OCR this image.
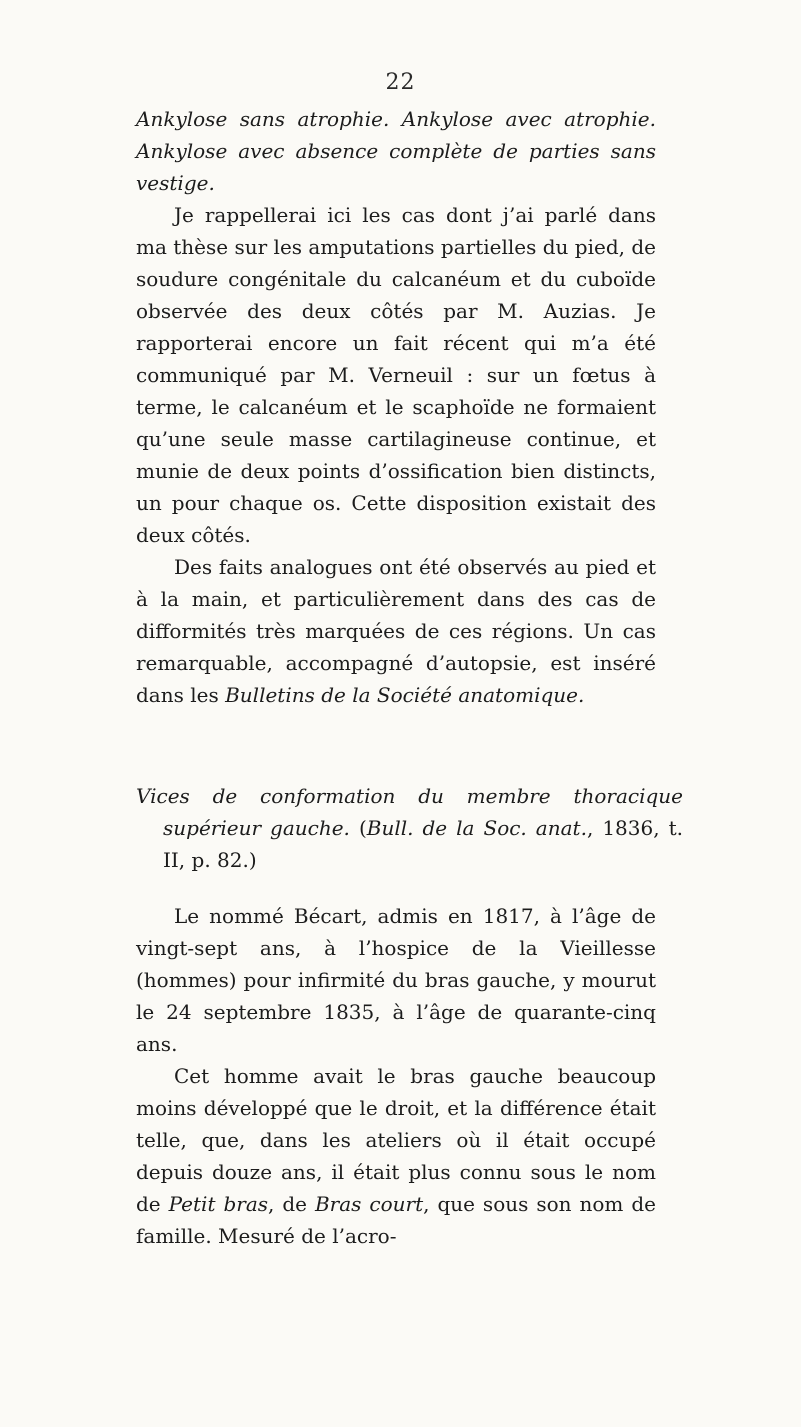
22

Ankylose sans atrophie. Ankylose avec atrophie. Ankylose avec absence complète de parties sans vestige.

Je rappellerai ici les cas dont j’ai parlé dans ma thèse sur les amputations partielles du pied, de soudure congénitale du calcanéum et du cuboïde observée des deux côtés par M. Auzias. Je rapporterai encore un fait récent qui m’a été communiqué par M. Verneuil : sur un fœtus à terme, le calcanéum et le scaphoïde ne formaient qu’une seule masse cartilagineuse continue, et munie de deux points d’ossification bien distincts, un pour chaque os. Cette disposition existait des deux côtés.

Des faits analogues ont été observés au pied et à la main, et particulièrement dans des cas de difformités très marquées de ces régions. Un cas remarquable, accompagné d’autopsie, est inséré dans les Bulletins de la Société anatomique.

Vices de conformation du membre thoracique supérieur gauche. (Bull. de la Soc. anat., 1836, t. II, p. 82.)

Le nommé Bécart, admis en 1817, à l’âge de vingt-sept ans, à l’hospice de la Vieillesse (hommes) pour infirmité du bras gauche, y mourut le 24 septembre 1835, à l’âge de quarante-cinq ans.

Cet homme avait le bras gauche beaucoup moins développé que le droit, et la différence était telle, que, dans les ateliers où il était occupé depuis douze ans, il était plus connu sous le nom de Petit bras, de Bras court, que sous son nom de famille. Mesuré de l’acro-
